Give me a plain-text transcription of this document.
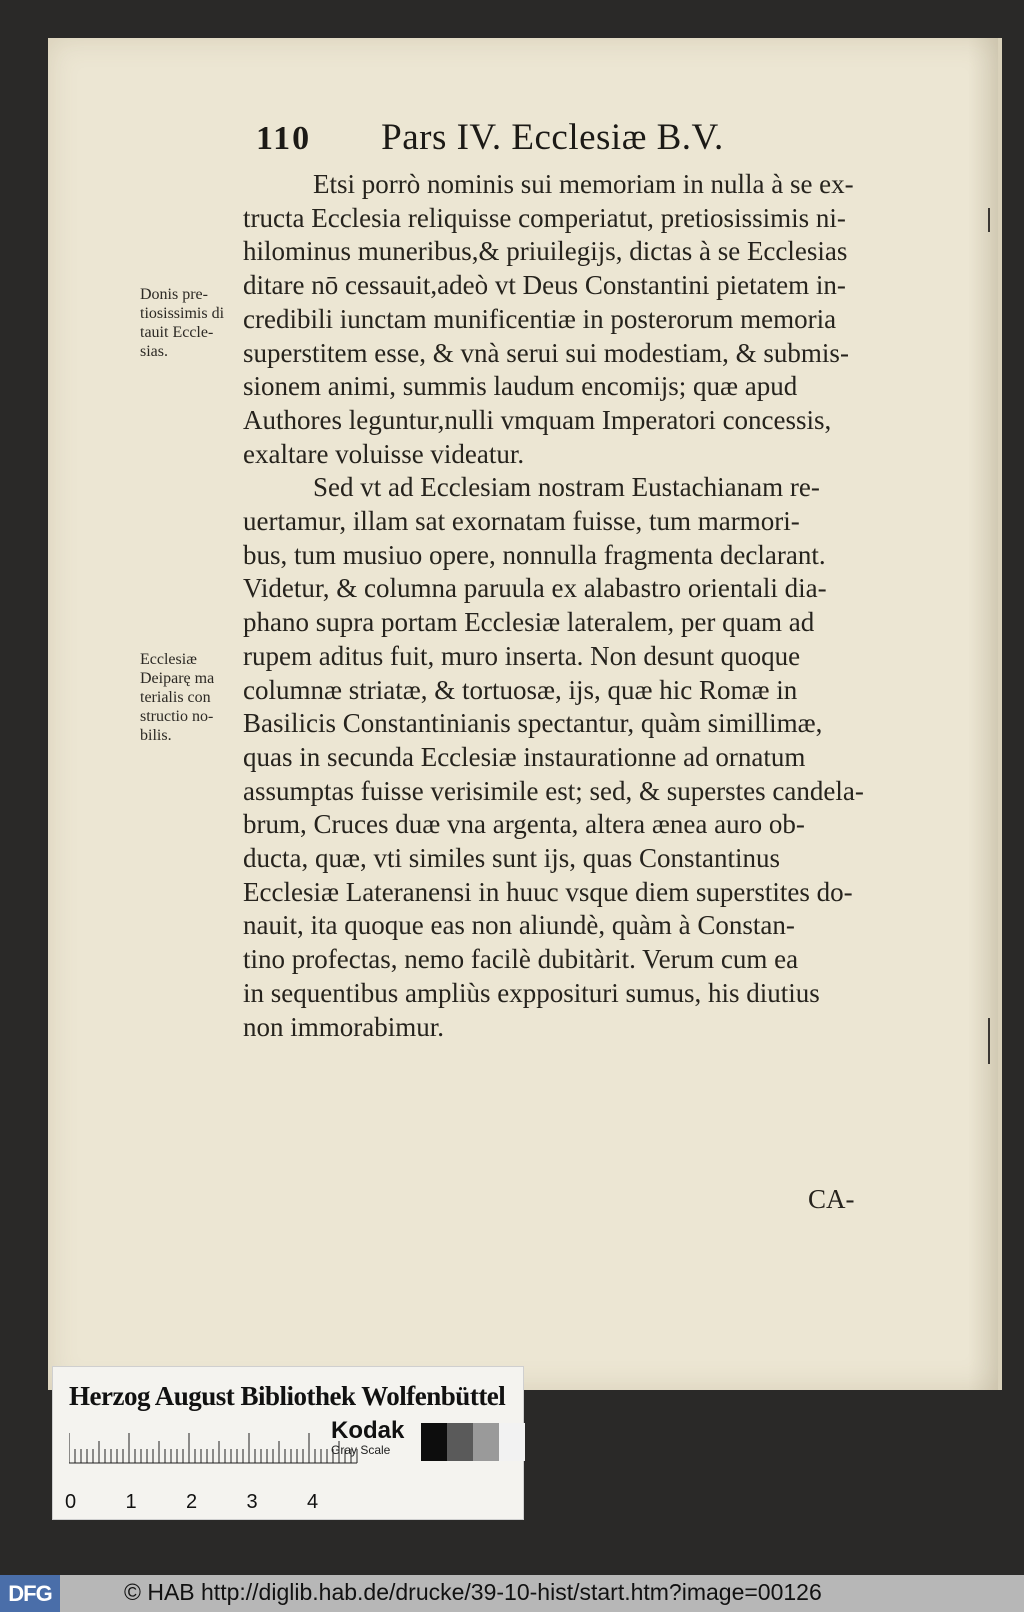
110 Pars IV. Ecclesiæ B.V.
Donis pre-
tiosissimis di
tauit Eccle-
sias.
Ecclesiæ
Deiparę ma
terialis con
structio no-
bilis.
Etsi porrò nominis sui memoriam in nulla à se ex-
tructa Ecclesia reliquisse comperiatut, pretiosissimis ni-
hilominus muneribus,& priuilegijs, dictas à se Ecclesias
ditare nō cessauit,adeò vt Deus Constantini pietatem in-
credibili iunctam munificentiæ in posterorum memoria
superstitem esse, & vnà serui sui modestiam, & submis-
sionem animi, summis laudum encomijs; quæ apud
Authores leguntur,nulli vmquam Imperatori concessis,
exaltare voluisse videatur.
Sed vt ad Ecclesiam nostram Eustachianam re-
uertamur, illam sat exornatam fuisse, tum marmori-
bus, tum musiuo opere, nonnulla fragmenta declarant.
Videtur, & columna paruula ex alabastro orientali dia-
phano supra portam Ecclesiæ lateralem, per quam ad
rupem aditus fuit, muro inserta. Non desunt quoque
columnæ striatæ, & tortuosæ, ijs, quæ hic Romæ in
Basilicis Constantinianis spectantur, quàm simillimæ,
quas in secunda Ecclesiæ instaurationne ad ornatum
assumptas fuisse verisimile est; sed, & superstes candela-
brum, Cruces duæ vna argenta, altera ænea auro ob-
ducta, quæ, vti similes sunt ijs, quas Constantinus
Ecclesiæ Lateranensi in huuc vsque diem superstites do-
nauit, ita quoque eas non aliundè, quàm à Constan-
tino profectas, nemo facilè dubitàrit. Verum cum ea
in sequentibus ampliùs expposituri sumus, his diutius
non immorabimur.
CA-
Herzog August Bibliothek Wolfenbüttel
0	1	2	3	4
Kodak
Gray Scale
DFG	© HAB http://diglib.hab.de/drucke/39-10-hist/start.htm?image=00126
